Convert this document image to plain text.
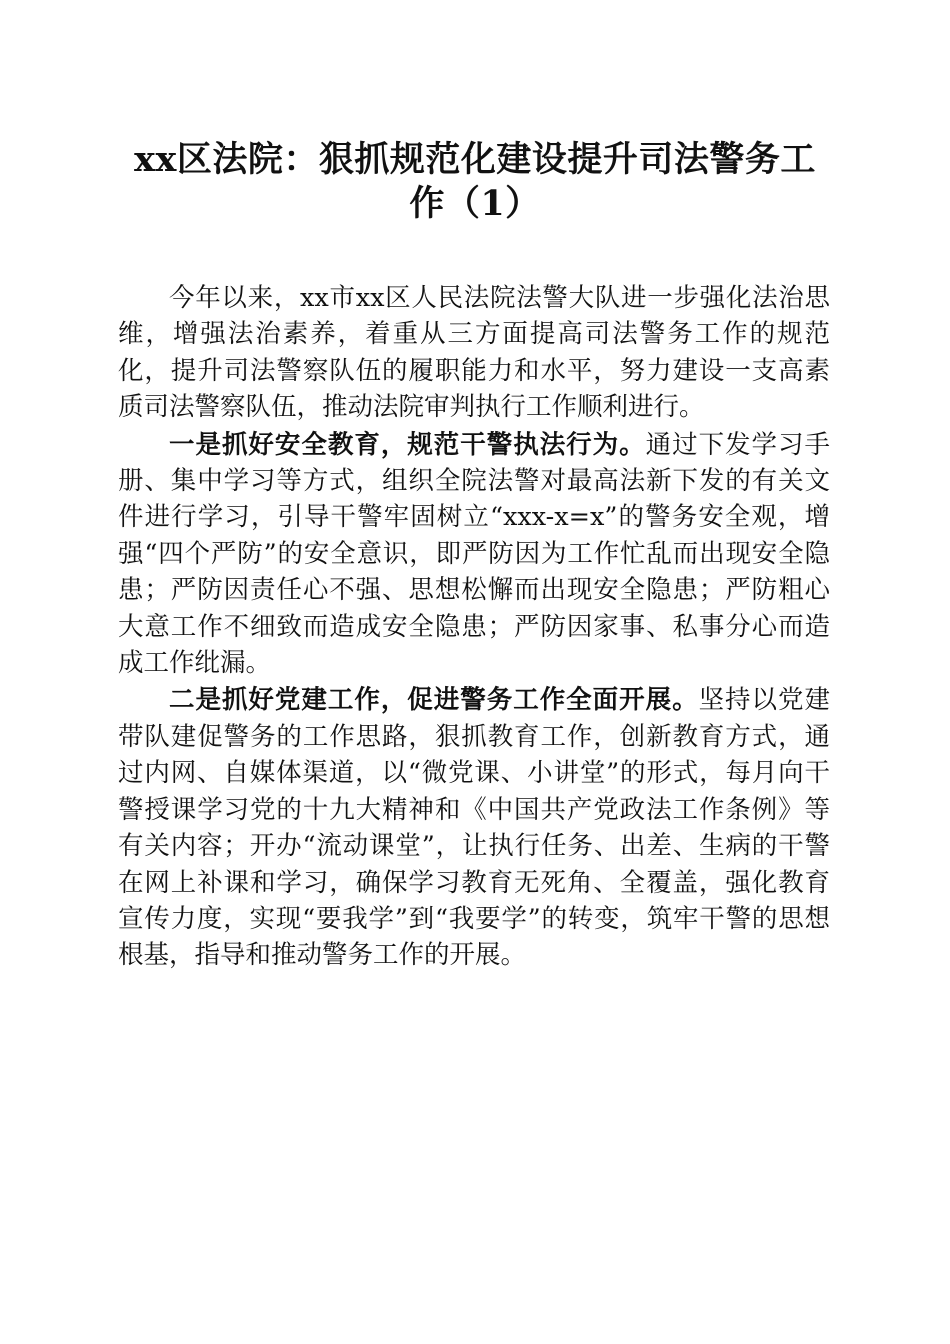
xx区法院：狠抓规范化建设提升司法警务工
作（1）

今年以来，xx市xx区人民法院法警大队进一步强化法治思维，增强法治素养，着重从三方面提高司法警务工作的规范化，提升司法警察队伍的履职能力和水平，努力建设一支高素质司法警察队伍，推动法院审判执行工作顺利进行。

一是抓好安全教育，规范干警执法行为。通过下发学习手册、集中学习等方式，组织全院法警对最高法新下发的有关文件进行学习，引导干警牢固树立“xxx-x=x”的警务安全观，增强“四个严防”的安全意识，即严防因为工作忙乱而出现安全隐患；严防因责任心不强、思想松懈而出现安全隐患；严防粗心大意工作不细致而造成安全隐患；严防因家事、私事分心而造成工作纰漏。

二是抓好党建工作，促进警务工作全面开展。坚持以党建带队建促警务的工作思路，狠抓教育工作，创新教育方式，通过内网、自媒体渠道，以“微党课、小讲堂”的形式，每月向干警授课学习党的十九大精神和《中国共产党政法工作条例》等有关内容；开办“流动课堂”，让执行任务、出差、生病的干警在网上补课和学习，确保学习教育无死角、全覆盖，强化教育宣传力度，实现“要我学”到“我要学”的转变，筑牢干警的思想根基，指导和推动警务工作的开展。
